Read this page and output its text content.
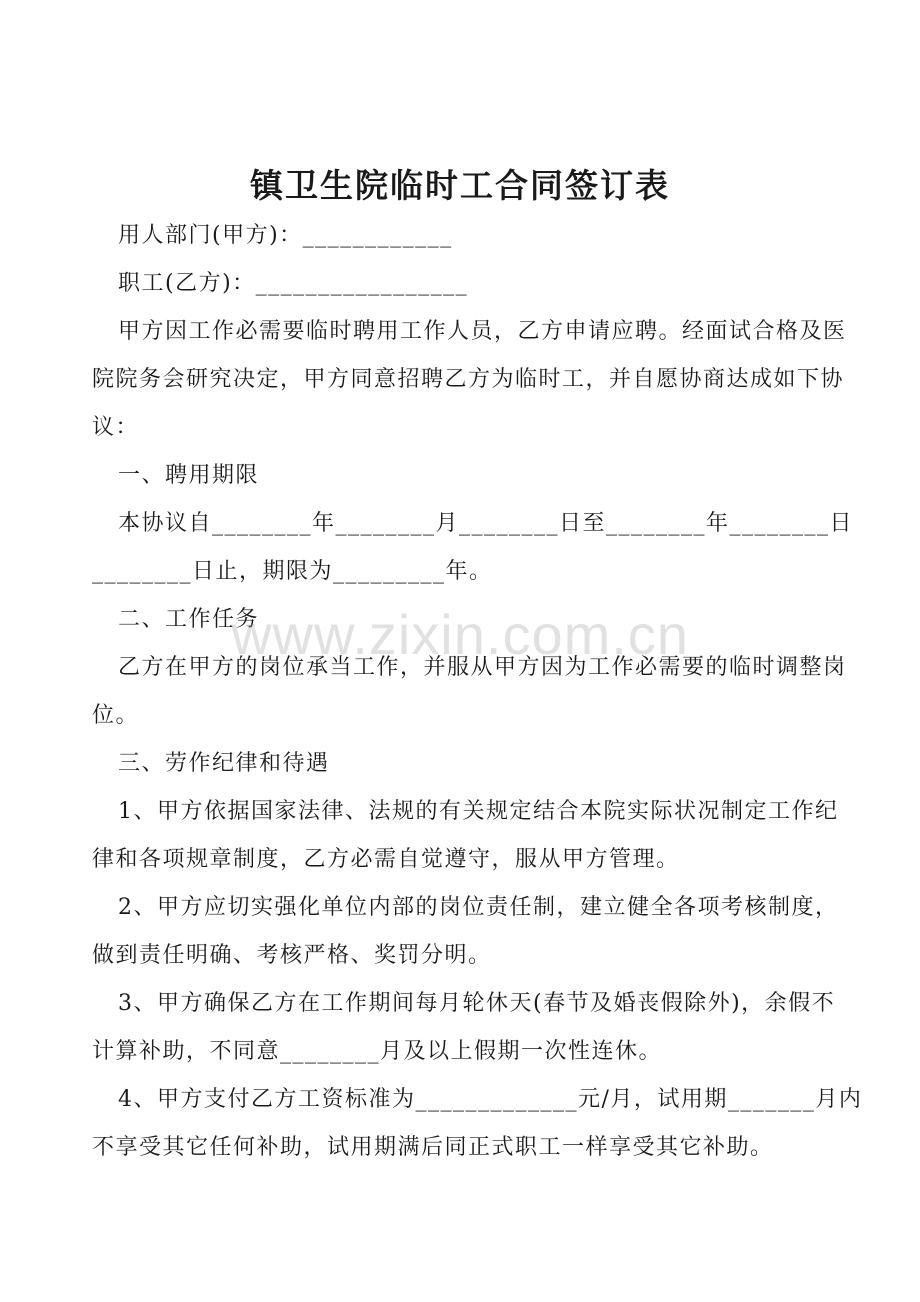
镇卫生院临时工合同签订表
用人部门(甲方)：____________
职工(乙方)：_________________
甲方因工作必需要临时聘用工作人员，乙方申请应聘。经面试合格及医
院院务会研究决定，甲方同意招聘乙方为临时工，并自愿协商达成如下协
议：
一、聘用期限
本协议自________年________月________日至________年________日
________日止，期限为_________年。
二、工作任务
乙方在甲方的岗位承当工作，并服从甲方因为工作必需要的临时调整岗
位。
三、劳作纪律和待遇
1、甲方依据国家法律、法规的有关规定结合本院实际状况制定工作纪
律和各项规章制度，乙方必需自觉遵守，服从甲方管理。
2、甲方应切实强化单位内部的岗位责任制，建立健全各项考核制度，
做到责任明确、考核严格、奖罚分明。
3、甲方确保乙方在工作期间每月轮休天(春节及婚丧假除外)，余假不
计算补助，不同意________月及以上假期一次性连休。
4、甲方支付乙方工资标准为_____________元/月，试用期_______月内
不享受其它任何补助，试用期满后同正式职工一样享受其它补助。
www.zixin.com.cn
